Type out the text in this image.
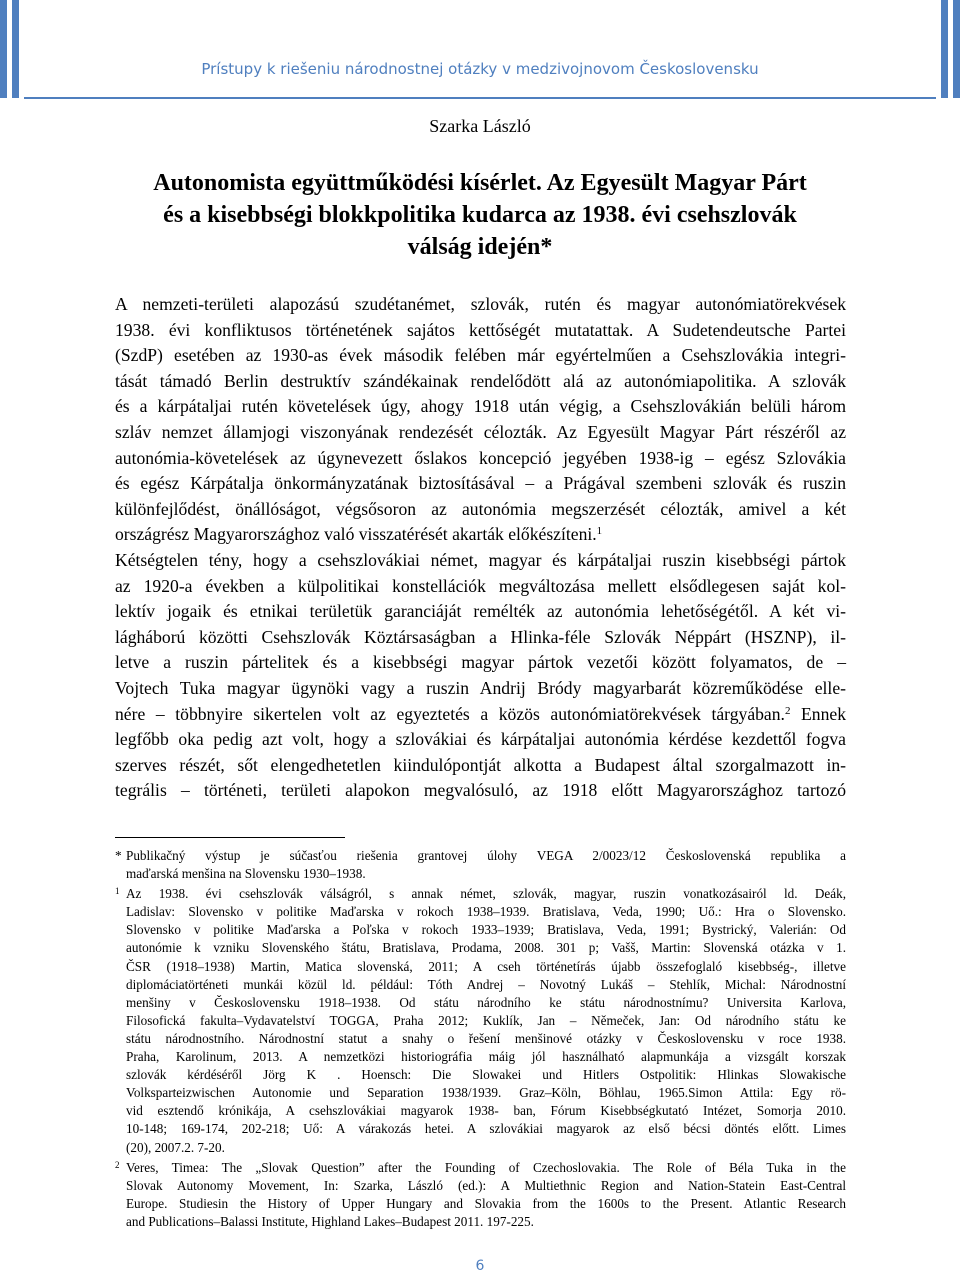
Prístupy k riešeniu národnostnej otázky v medzivojnovom Československu
Szarka László
Autonomista együttműködési kísérlet. Az Egyesült Magyar Párt
és a kisebbségi blokkpolitika kudarca az 1938. évi csehszlovák
válság idején*
A nemzeti-területi alapozású szudétanémet, szlovák, rutén és magyar autonómiatörekvések
1938. évi konfliktusos történetének sajátos kettőségét mutatattak. A Sudetendeutsche Partei
(SzdP) esetében az 1930-as évek második felében már egyértelműen a Csehszlovákia integri-
tását támadó Berlin destruktív szándékainak rendelődött alá az autonómiapolitika. A szlovák
és a kárpátaljai rutén követelések úgy, ahogy 1918 után végig, a Csehszlovákián belüli három
szláv nemzet államjogi viszonyának rendezését célozták. Az Egyesült Magyar Párt részéről az
autonómia-követelések az úgynevezett őslakos koncepció jegyében 1938-ig – egész Szlovákia
és egész Kárpátalja önkormányzatának biztosításával – a Prágával szembeni szlovák és ruszin
különfejlődést, önállóságot, végsősoron az autonómia megszerzését célozták, amivel a két
országrész Magyarországhoz való visszatérését akarták előkészíteni.$^1$
Kétségtelen tény, hogy a csehszlovákiai német, magyar és kárpátaljai ruszin kisebbségi pártok
az 1920-a években a külpolitikai konstellációk megváltozása mellett elsődlegesen saját kol-
lektív jogaik és etnikai területük garanciáját remélték az autonómia lehetőségétől. A két vi-
lágháború közötti Csehszlovák Köztársaságban a Hlinka-féle Szlovák Néppárt (HSZNP), il-
letve a ruszin pártelitek és a kisebbségi magyar pártok vezetői között folyamatos, de –
Vojtech Tuka magyar ügynöki vagy a ruszin Andrij Bródy magyarbarát közreműködése elle-
nére – többnyire sikertelen volt az egyeztetés a közös autonómiatörekvések tárgyában.$^2$ Ennek
legfőbb oka pedig azt volt, hogy a szlovákiai és kárpátaljai autonómia kérdése kezdettől fogva
szerves részét, sőt elengedhetetlen kiindulópontját alkotta a Budapest által szorgalmazott in-
tegrális – történeti, területi alapokon megvalósuló, az 1918 előtt Magyarországhoz tartozó
* Publikačný výstup je súčasťou riešenia grantovej úlohy VEGA 2/0023/12 Československá republika a
maďarská menšina na Slovensku 1930–1938.
1 Az 1938. évi csehszlovák válságról, s annak német, szlovák, magyar, ruszin vonatkozásairól ld. Deák,
Ladislav: Slovensko v politike Maďarska v rokoch 1938–1939. Bratislava, Veda, 1990; Uő.: Hra o Slovensko.
Slovensko v politike Maďarska a Poľska v rokoch 1933–1939; Bratislava, Veda, 1991; Bystrický, Valerián: Od
autonómie k vzniku Slovenského štátu, Bratislava, Prodama, 2008. 301 p; Vašš, Martin: Slovenská otázka v 1.
ČSR (1918–1938) Martin, Matica slovenská, 2011; A cseh történetírás újabb összefoglaló kisebbség-, illetve
diplomáciatörténeti munkái közül ld. például: Tóth Andrej – Novotný Lukáš – Stehlík, Michal: Národnostní
menšiny v Československu 1918–1938. Od státu národního ke státu národnostnímu? Universita Karlova,
Filosofická fakulta–Vydavatelství TOGGA, Praha 2012; Kuklík, Jan – Němeček, Jan: Od národního státu ke
státu národnostního. Národnostní statut a snahy o řešení menšinové otázky v Československu v roce 1938.
Praha, Karolinum, 2013. A nemzetközi historiográfia máig jól használható alapmunkája a vizsgált korszak
szlovák kérdéséről Jörg K . Hoensch: Die Slowakei und Hitlers Ostpolitik: Hlinkas Slowakische
Volksparteizwischen Autonomie und Separation 1938/1939. Graz–Köln, Böhlau, 1965.Simon Attila: Egy rö-
vid esztendő krónikája, A csehszlovákiai magyarok 1938- ban, Fórum Kisebbségkutató Intézet, Somorja 2010.
10-148; 169-174, 202-218; Uő: A várakozás hetei. A szlovákiai magyarok az első bécsi döntés előtt. Limes
(20), 2007.2. 7-20.
2 Veres, Timea: The „Slovak Question” after the Founding of Czechoslovakia. The Role of Béla Tuka in the
Slovak Autonomy Movement, In: Szarka, László (ed.): A Multiethnic Region and Nation-Statein East-Central
Europe. Studiesin the History of Upper Hungary and Slovakia from the 1600s to the Present. Atlantic Research
and Publications–Balassi Institute, Highland Lakes–Budapest 2011. 197-225.
6
